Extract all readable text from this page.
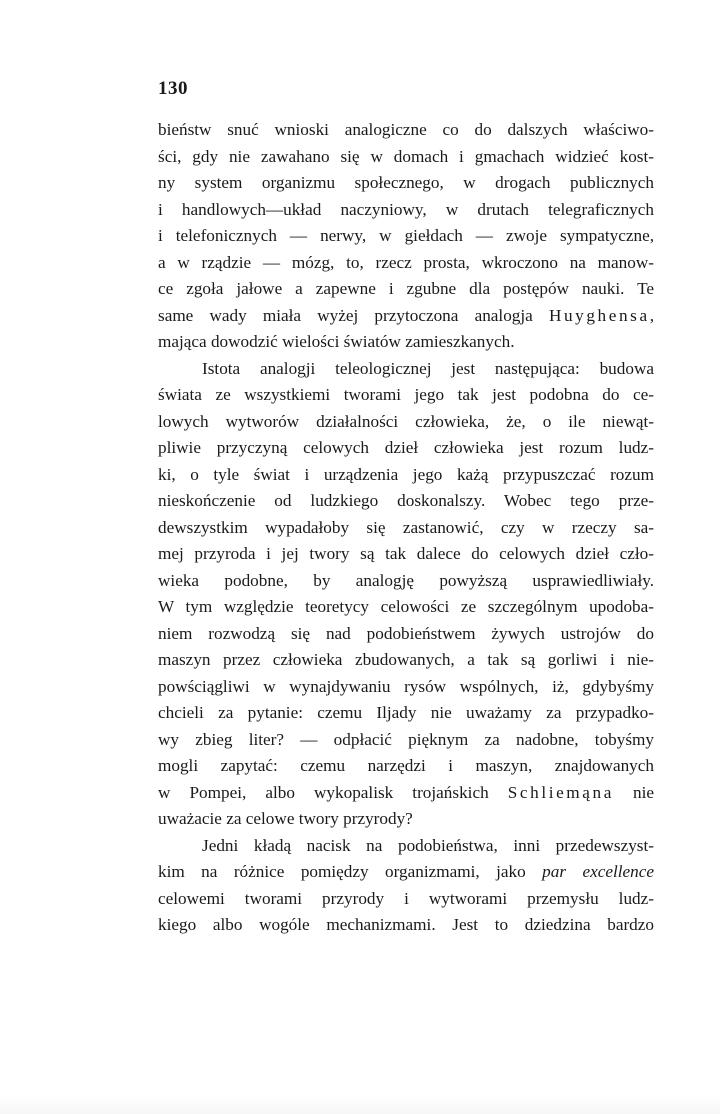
130
bieństw snuć wnioski analogiczne co do dalszych właściwo-
ści, gdy nie zawahano się w domach i gmachach widzieć kost-
ny system organizmu społecznego, w drogach publicznych
i handlowych—układ naczyniowy, w drutach telegraficznych
i telefonicznych — nerwy, w giełdach — zwoje sympatyczne,
a w rządzie — mózg, to, rzecz prosta, wkroczono na manow-
ce zgoła jałowe a zapewne i zgubne dla postępów nauki. Te
same wady miała wyżej przytoczona analogja Huyghensa,
mająca dowodzić wielości światów zamieszkanych.
Istota analogji teleologicznej jest następująca: budowa
świata ze wszystkiemi tworami jego tak jest podobna do ce-
lowych wytworów działalności człowieka, że, o ile niewąt-
pliwie przyczyną celowych dzieł człowieka jest rozum ludz-
ki, o tyle świat i urządzenia jego każą przypuszczać rozum
nieskończenie od ludzkiego doskonalszy. Wobec tego prze-
dewszystkim wypadałoby się zastanowić, czy w rzeczy sa-
mej przyroda i jej twory są tak dalece do celowych dzieł czło-
wieka podobne, by analogję powyższą usprawiedliwiały.
W tym względzie teoretycy celowości ze szczególnym upodoba-
niem rozwodzą się nad podobieństwem żywych ustrojów do
maszyn przez człowieka zbudowanych, a tak są gorliwi i nie-
powściągliwi w wynajdywaniu rysów wspólnych, iż, gdybyśmy
chcieli za pytanie: czemu Iljady nie uważamy za przypadko-
wy zbieg liter? — odpłacić pięknym za nadobne, tobyśmy
mogli zapytać: czemu narzędzi i maszyn, znajdowanych
w Pompei, albo wykopalisk trojańskich Schliemąna nie
uważacie za celowe twory przyrody?
Jedni kładą nacisk na podobieństwa, inni przedewszyst-
kim na różnice pomiędzy organizmami, jako par excellence
celowemi tworami przyrody i wytworami przemysłu ludz-
kiego albo wogóle mechanizmami. Jest to dziedzina bardzo
